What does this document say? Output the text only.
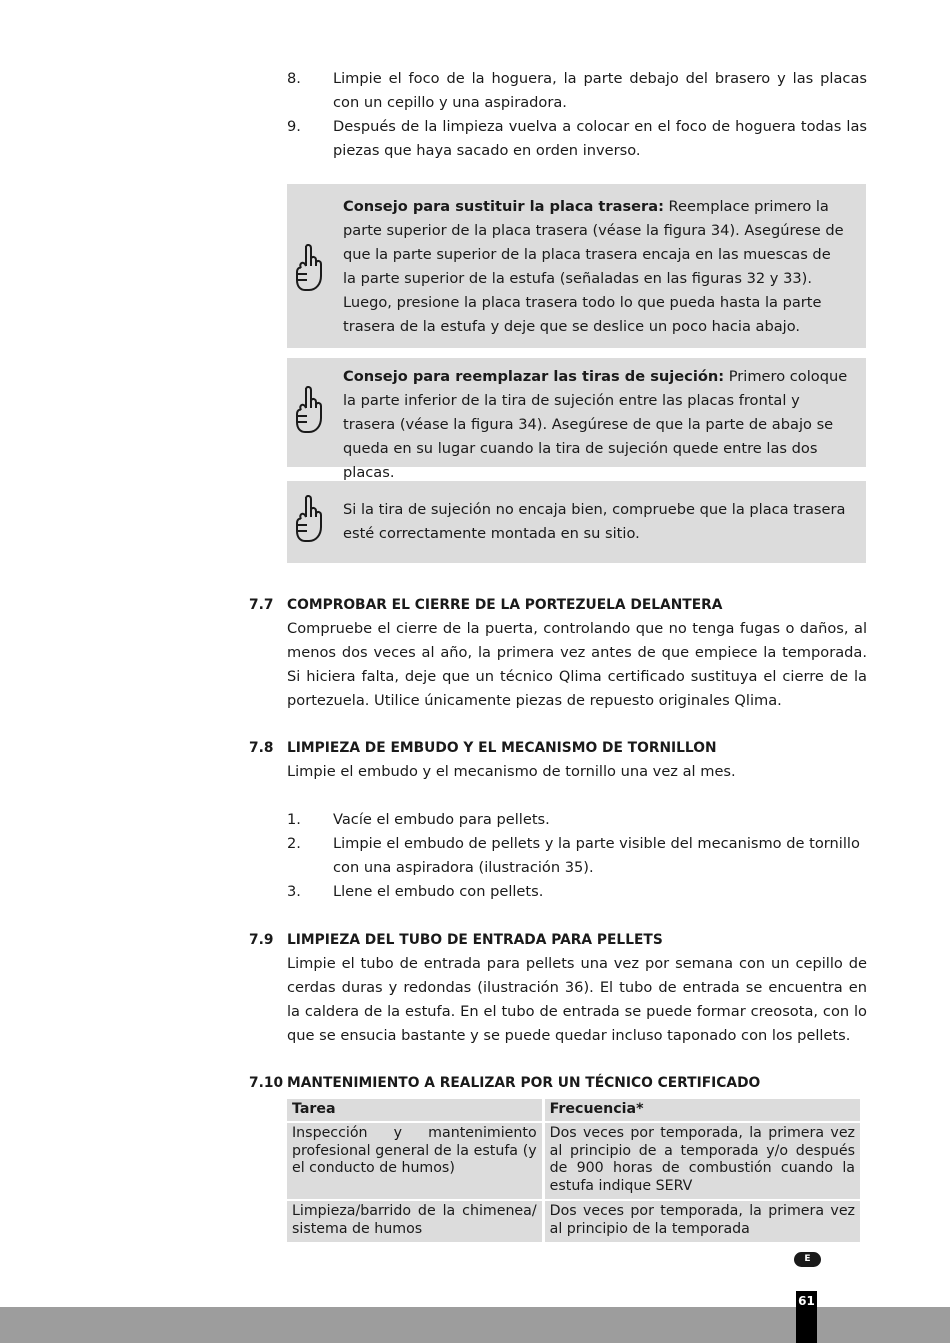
8. Limpie el foco de la hoguera, la parte debajo del brasero y las placas con un cepillo y una aspiradora.
9. Después de la limpieza vuelva a colocar en el foco de hoguera todas las piezas que haya sacado en orden inverso.
Consejo para sustituir la placa trasera: Reemplace primero la parte superior de la placa trasera (véase la figura 34). Asegúrese de que la parte superior de la placa trasera encaja en las muescas de la parte superior de la estufa (señaladas en las figuras 32 y 33). Luego, presione la placa trasera todo lo que pueda hasta la parte trasera de la estufa y deje que se deslice un poco hacia abajo.
Consejo para reemplazar las tiras de sujeción: Primero coloque la parte inferior de la tira de sujeción entre las placas frontal y trasera (véase la figura 34). Asegúrese de que la parte de abajo se queda en su lugar cuando la tira de sujeción quede entre las dos placas.
Si la tira de sujeción no encaja bien, compruebe que la placa trasera esté correctamente montada en su sitio.
7.7 COMPROBAR EL CIERRE DE LA PORTEZUELA DELANTERA
Compruebe el cierre de la puerta, controlando que no tenga fugas o daños, al menos dos veces al año, la primera vez antes de que empiece la temporada. Si hiciera falta, deje que un técnico Qlima certificado sustituya el cierre de la portezuela. Utilice únicamente piezas de repuesto originales Qlima.
7.8 LIMPIEZA DE EMBUDO Y EL MECANISMO DE TORNILLON
Limpie el embudo y el mecanismo de tornillo una vez al mes.
1. Vacíe el embudo para pellets.
2. Limpie el embudo de pellets y la parte visible del mecanismo de tornillo con una aspiradora (ilustración 35).
3. Llene el embudo con pellets.
7.9 LIMPIEZA DEL TUBO DE ENTRADA PARA PELLETS
Limpie el tubo de entrada para pellets una vez por semana con un cepillo de cerdas duras y redondas (ilustración 36). El tubo de entrada se encuentra en la caldera de la estufa. En el tubo de entrada se puede formar creosota, con lo que se ensucia bastante y se puede quedar incluso taponado con los pellets.
7.10 MANTENIMIENTO A REALIZAR POR UN TÉCNICO CERTIFICADO
Tarea	Frecuencia*
Inspección y mantenimiento profesional general de la estufa (y el conducto de humos)	Dos veces por temporada, la primera vez al principio de a temporada y/o después de 900 horas de combustión cuando la estufa indique SERV
Limpieza/barrido de la chimenea/ sistema de humos	Dos veces por temporada, la primera vez al principio de la temporada
E
61
